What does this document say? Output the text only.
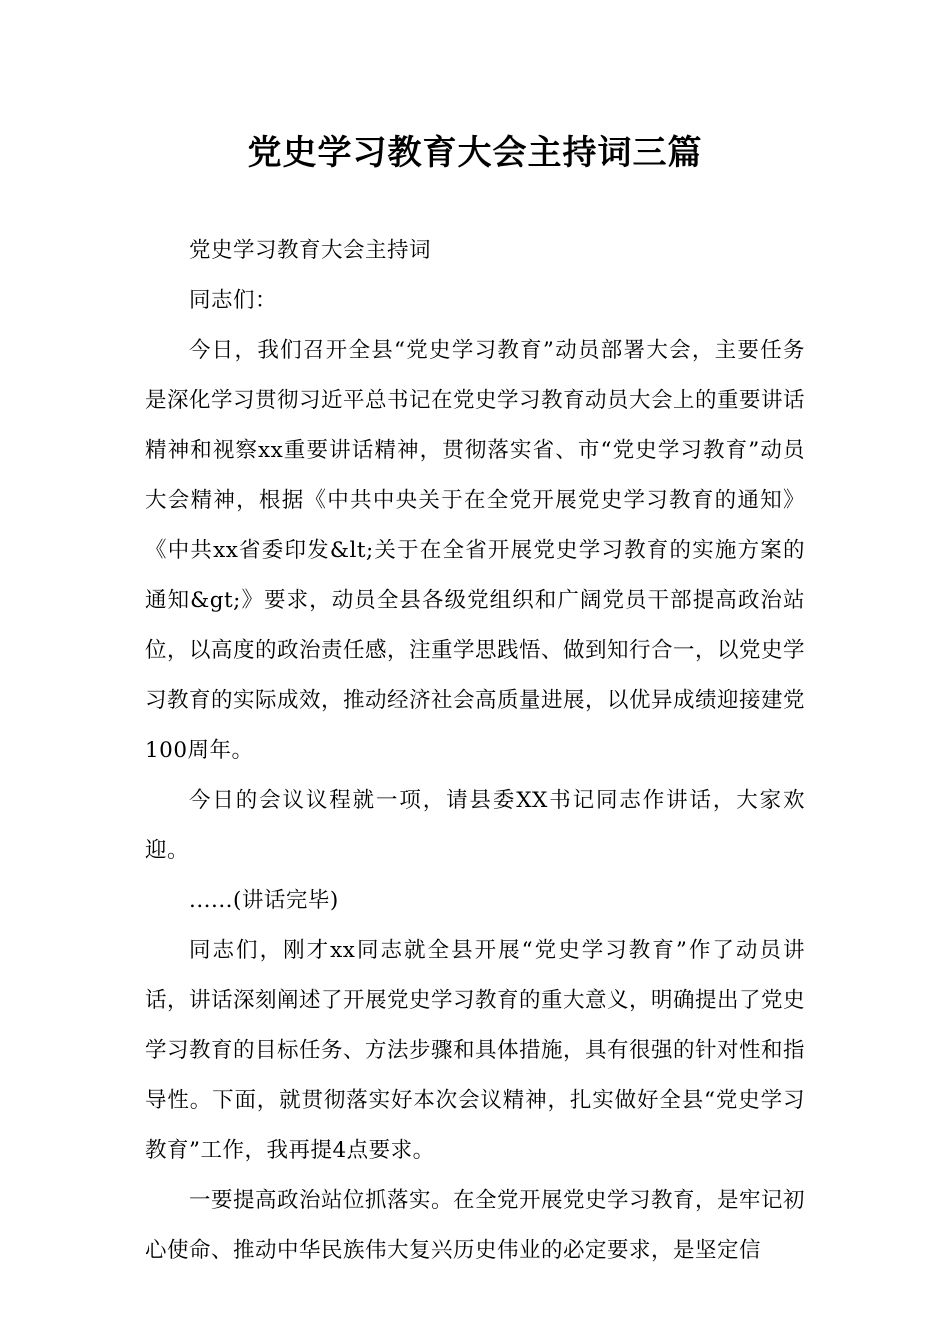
党史学习教育大会主持词三篇

党史学习教育大会主持词

同志们：

今日，我们召开全县“党史学习教育”动员部署大会，主要任务是深化学习贯彻习近平总书记在党史学习教育动员大会上的重要讲话精神和视察xx重要讲话精神，贯彻落实省、市“党史学习教育”动员大会精神，根据《中共中央关于在全党开展党史学习教育的通知》《中共xx省委印发&lt;关于在全省开展党史学习教育的实施方案的通知&gt;》要求，动员全县各级党组织和广阔党员干部提高政治站位，以高度的政治责任感，注重学思践悟、做到知行合一，以党史学习教育的实际成效，推动经济社会高质量进展，以优异成绩迎接建党100周年。

今日的会议议程就一项，请县委XX书记同志作讲话，大家欢迎。

......(讲话完毕)

同志们，刚才xx同志就全县开展“党史学习教育”作了动员讲话，讲话深刻阐述了开展党史学习教育的重大意义，明确提出了党史学习教育的目标任务、方法步骤和具体措施，具有很强的针对性和指导性。下面，就贯彻落实好本次会议精神，扎实做好全县“党史学习教育”工作，我再提4点要求。

一要提高政治站位抓落实。在全党开展党史学习教育，是牢记初心使命、推动中华民族伟大复兴历史伟业的必定要求，是坚定信
